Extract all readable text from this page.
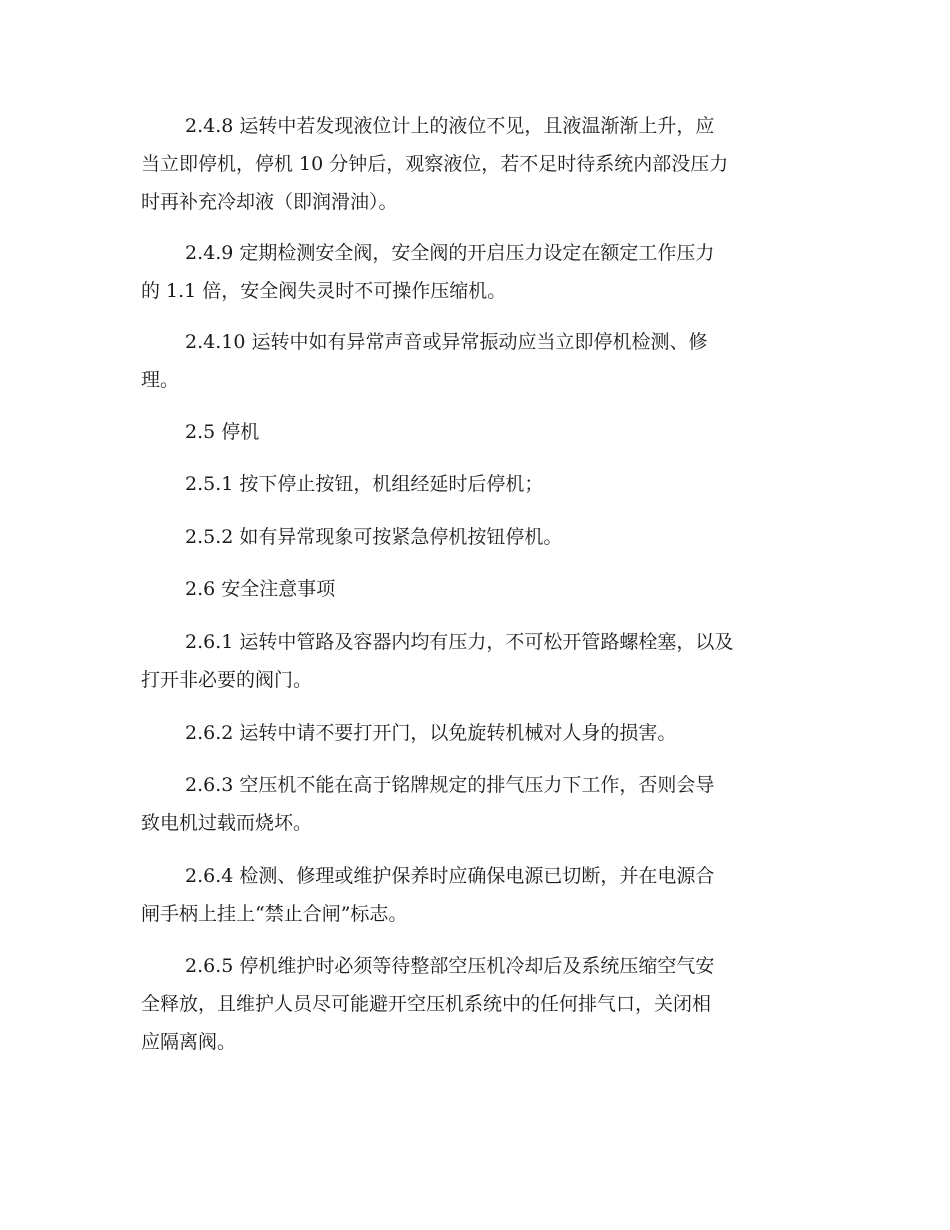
2.4.8 运转中若发现液位计上的液位不见，且液温渐渐上升，应
当立即停机，停机 10 分钟后，观察液位，若不足时待系统内部没压力
时再补充冷却液（即润滑油）。
2.4.9 定期检测安全阀，安全阀的开启压力设定在额定工作压力
的 1.1 倍，安全阀失灵时不可操作压缩机。
2.4.10 运转中如有异常声音或异常振动应当立即停机检测、修
理。
2.5 停机
2.5.1 按下停止按钮，机组经延时后停机；
2.5.2 如有异常现象可按紧急停机按钮停机。
2.6 安全注意事项
2.6.1 运转中管路及容器内均有压力，不可松开管路螺栓塞，以及
打开非必要的阀门。
2.6.2 运转中请不要打开门，以免旋转机械对人身的损害。
2.6.3 空压机不能在高于铭牌规定的排气压力下工作，否则会导
致电机过载而烧坏。
2.6.4 检测、修理或维护保养时应确保电源已切断，并在电源合
闸手柄上挂上“禁止合闸”标志。
2.6.5 停机维护时必须等待整部空压机冷却后及系统压缩空气安
全释放，且维护人员尽可能避开空压机系统中的任何排气口，关闭相
应隔离阀。
